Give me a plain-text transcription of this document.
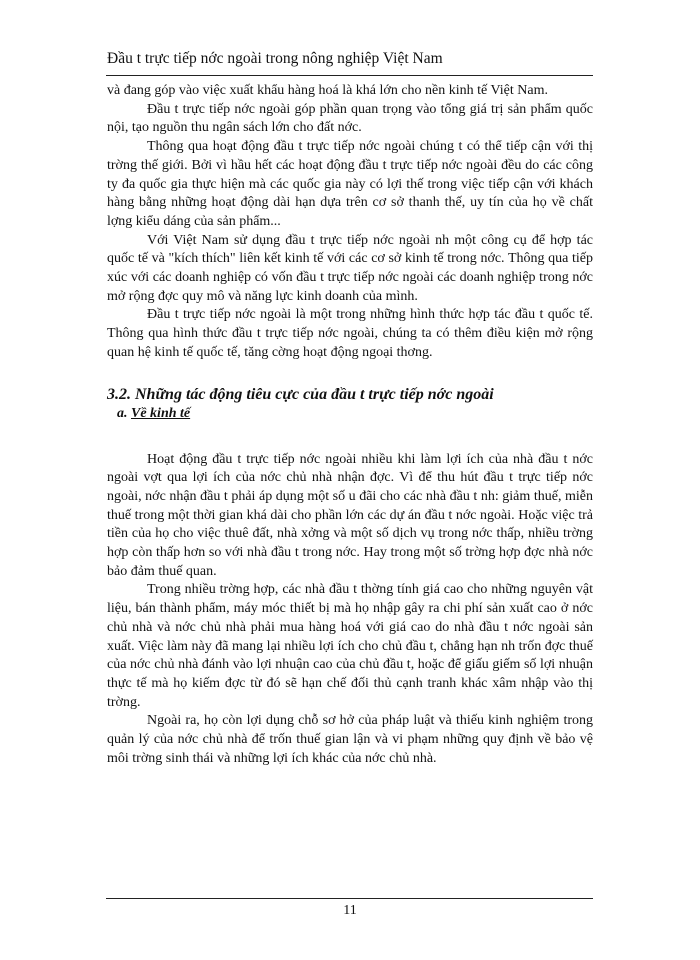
Đầu t trực tiếp nớc ngoài trong nông nghiệp Việt Nam

và đang góp vào việc xuất khẩu hàng hoá là khá lớn cho nền kinh tế Việt Nam.

Đầu t trực tiếp nớc ngoài góp phần quan trọng vào tổng giá trị sản phẩm quốc nội, tạo nguồn thu ngân sách lớn cho đất nớc.

Thông qua hoạt động đầu t trực tiếp nớc ngoài chúng t có thể tiếp cận với thị trờng thế giới. Bởi vì hầu hết các hoạt động đầu t trực tiếp nớc ngoài đều do các công ty đa quốc gia thực hiện mà các quốc gia này có lợi thế trong việc tiếp cận với khách hàng bằng những hoạt động dài hạn dựa trên cơ sở thanh thế, uy tín của họ về chất lợng kiểu dáng của sản phẩm...

Với Việt Nam sử dụng đầu t trực tiếp nớc ngoài nh một công cụ để hợp tác quốc tế và "kích thích" liên kết kinh tế với các cơ sở kinh tế trong nớc. Thông qua tiếp xúc với các doanh nghiệp có vốn đầu t trực tiếp nớc ngoài các doanh nghiệp trong nớc mở rộng đợc quy mô và năng lực kinh doanh của mình.

Đầu t trực tiếp nớc ngoài là một trong những hình thức hợp tác đầu t quốc tế. Thông qua hình thức đầu t trực tiếp nớc ngoài, chúng ta có thêm điều kiện mở rộng quan hệ kinh tế quốc tế, tăng cờng hoạt động ngoại thơng.

3.2. Những tác động tiêu cực của đầu t trực tiếp nớc ngoài

a. Về kinh tế

Hoạt động đầu t trực tiếp nớc ngoài nhiều khi làm lợi ích của nhà đầu t nớc ngoài vợt qua lợi ích của nớc chủ nhà nhận đợc. Vì để thu hút đầu t trực tiếp nớc ngoài, nớc nhận đầu t phải áp dụng một số u đãi cho các nhà đầu t nh: giảm thuế, miễn thuế trong một thời gian khá dài cho phần lớn các dự án đầu t nớc ngoài. Hoặc việc trả tiền của họ cho việc thuê đất, nhà xởng và một số dịch vụ trong nớc thấp, nhiều trờng hợp còn thấp hơn so với nhà đầu t trong nớc. Hay trong một số trờng hợp đợc nhà nớc bảo đảm thuế quan.

Trong nhiều trờng hợp, các nhà đầu t thờng tính giá cao cho những nguyên vật liệu, bán thành phẩm, máy móc thiết bị mà họ nhập gây ra chi phí sản xuất cao ở nớc chủ nhà và nớc chủ nhà phải mua hàng hoá với giá cao do nhà đầu t nớc ngoài sản xuất. Việc làm này đã mang lại nhiều lợi ích cho chủ đầu t, chẳng hạn nh trốn đợc thuế của nớc chủ nhà đánh vào lợi nhuận cao của chủ đầu t, hoặc để giấu giếm số lợi nhuận thực tế mà họ kiếm đợc từ đó sẽ hạn chế đối thủ cạnh tranh khác xâm nhập vào thị trờng.

Ngoài ra, họ còn lợi dụng chỗ sơ hở của pháp luật và thiếu kinh nghiệm trong quản lý của nớc chủ nhà để trốn thuế gian lận và vi phạm những quy định về bảo vệ môi trờng sinh thái và những lợi ích khác của nớc chủ nhà.

11
